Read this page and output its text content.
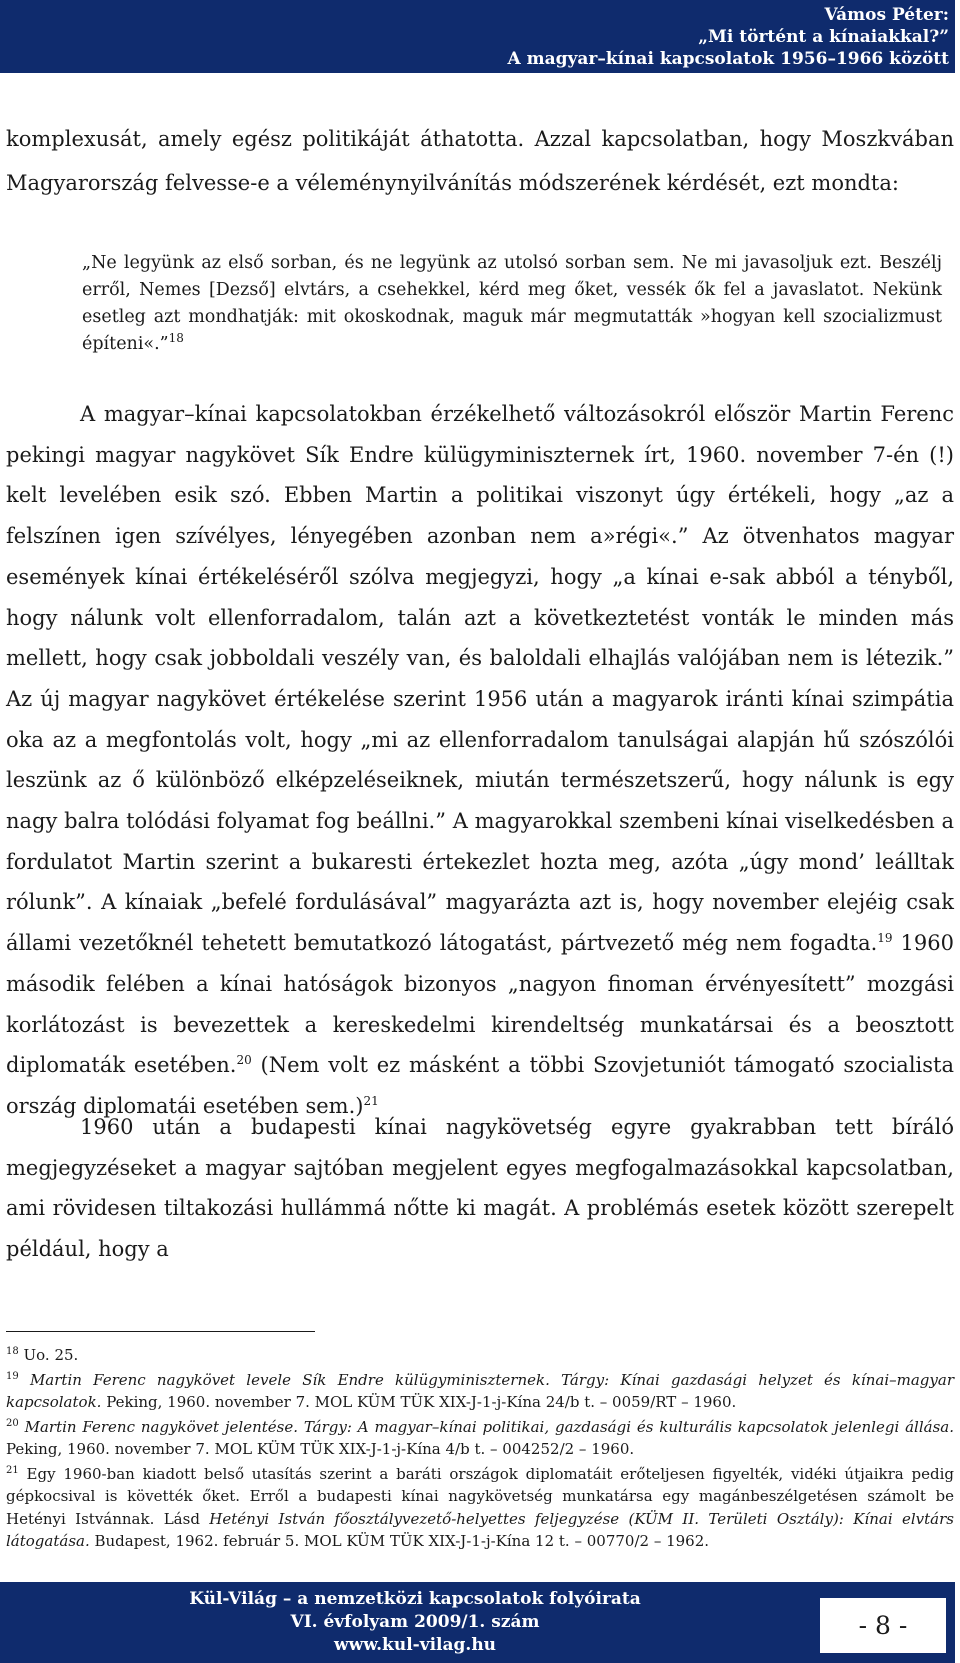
Vámos Péter:
„Mi történt a kínaiakkal?”
A magyar–kínai kapcsolatok 1956–1966 között
komplexusát, amely egész politikáját áthatotta. Azzal kapcsolatban, hogy Moszkvában Magyarország felvesse-e a véleménynyilvánítás módszerének kérdését, ezt mondta:
„Ne legyünk az első sorban, és ne legyünk az utolsó sorban sem. Ne mi javasoljuk ezt. Beszélj erről, Nemes [Dezső] elvtárs, a csehekkel, kérd meg őket, vessék ők fel a javaslatot. Nekünk esetleg azt mondhatják: mit okoskodnak, maguk már megmutatták »hogyan kell szocializmust építeni«.”$^{18}$
A magyar–kínai kapcsolatokban érzékelhető változásokról először Martin Ferenc pekingi magyar nagykövet Sík Endre külügyminiszternek írt, 1960. november 7-én (!) kelt levelében esik szó. Ebben Martin a politikai viszonyt úgy értékeli, hogy „az a felszínen igen szívélyes, lényegében azonban nem a»régi«.” Az ötvenhatos magyar események kínai értékeléséről szólva megjegyzi, hogy „a kínai e-sak abból a tényből, hogy nálunk volt ellenforradalom, talán azt a következtetést vonták le minden más mellett, hogy csak jobboldali veszély van, és baloldali elhajlás valójában nem is létezik.” Az új magyar nagykövet értékelése szerint 1956 után a magyarok iránti kínai szimpátia oka az a megfontolás volt, hogy „mi az ellenforradalom tanulságai alapján hű szószólói leszünk az ő különböző elképzeléseiknek, miután természetszerű, hogy nálunk is egy nagy balra tolódási folyamat fog beállni.” A magyarokkal szembeni kínai viselkedésben a fordulatot Martin szerint a bukaresti értekezlet hozta meg, azóta „úgy mond’ leálltak rólunk”. A kínaiak „befelé fordulásával” magyarázta azt is, hogy november elejéig csak állami vezetőknél tehetett bemutatkozó látogatást, pártvezető még nem fogadta.$^{19}$ 1960 második felében a kínai hatóságok bizonyos „nagyon finoman érvényesített” mozgási korlátozást is bevezettek a kereskedelmi kirendeltség munkatársai és a beosztott diplomaták esetében.$^{20}$ (Nem volt ez másként a többi Szovjetuniót támogató szocialista ország diplomatái esetében sem.)$^{21}$
1960 után a budapesti kínai nagykövetség egyre gyakrabban tett bíráló megjegyzéseket a magyar sajtóban megjelent egyes megfogalmazásokkal kapcsolatban, ami rövidesen tiltakozási hullámmá nőtte ki magát. A problémás esetek között szerepelt például, hogy a

$^{18}$ Uo. 25.

$^{19}$ Martin Ferenc nagykövet levele Sík Endre külügyminiszternek. Tárgy: Kínai gazdasági helyzet és kínai–magyar kapcsolatok. Peking, 1960. november 7. MOL KÜM TÜK XIX-J-1-j-Kína 24/b t. – 0059/RT – 1960.

$^{20}$ Martin Ferenc nagykövet jelentése. Tárgy: A magyar–kínai politikai, gazdasági és kulturális kapcsolatok jelenlegi állása. Peking, 1960. november 7. MOL KÜM TÜK XIX-J-1-j-Kína 4/b t. – 004252/2 – 1960.

$^{21}$ Egy 1960-ban kiadott belső utasítás szerint a baráti országok diplomatáit erőteljesen figyelték, vidéki útjaikra pedig gépkocsival is követték őket. Erről a budapesti kínai nagykövetség munkatársa egy magánbeszélgetésen számolt be Hetényi Istvánnak. Lásd Hetényi István főosztályvezető-helyettes feljegyzése (KÜM II. Területi Osztály): Kínai elvtárs látogatása. Budapest, 1962. február 5. MOL KÜM TÜK XIX-J-1-j-Kína 12 t. – 00770/2 – 1962.

Kül-Világ – a nemzetközi kapcsolatok folyóirata
VI. évfolyam 2009/1. szám
www.kul-vilag.hu
- 8 -
